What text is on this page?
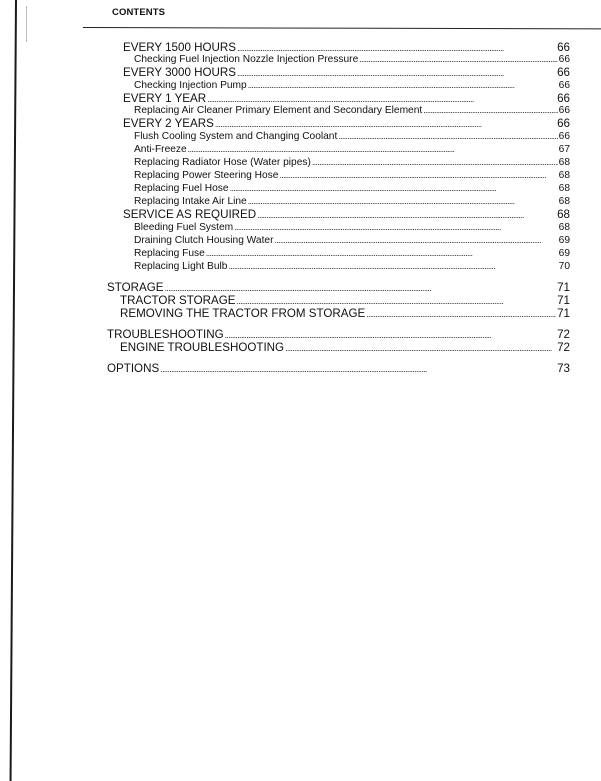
CONTENTS
EVERY 1500 HOURS . . .	66
Checking Fuel Injection Nozzle Injection Pressure . . .	66
EVERY 3000 HOURS . . .	66
Checking Injection Pump . . .	66
EVERY 1 YEAR . . .	66
Replacing Air Cleaner Primary Element and Secondary Element . . .	66
EVERY 2 YEARS . . .	66
Flush Cooling System and Changing Coolant . . .	66
Anti-Freeze . . .	67
Replacing Radiator Hose (Water pipes) . . .	68
Replacing Power Steering Hose . . .	68
Replacing Fuel Hose . . .	68
Replacing Intake Air Line . . .	68
SERVICE AS REQUIRED . . .	68
Bleeding Fuel System . . .	68
Draining Clutch Housing Water . . .	69
Replacing Fuse . . .	69
Replacing Light Bulb . . .	70
STORAGE . . .	71
TRACTOR STORAGE . . .	71
REMOVING THE TRACTOR FROM STORAGE . . .	71
TROUBLESHOOTING . . .	72
ENGINE TROUBLESHOOTING . . .	72
OPTIONS . . .	73
